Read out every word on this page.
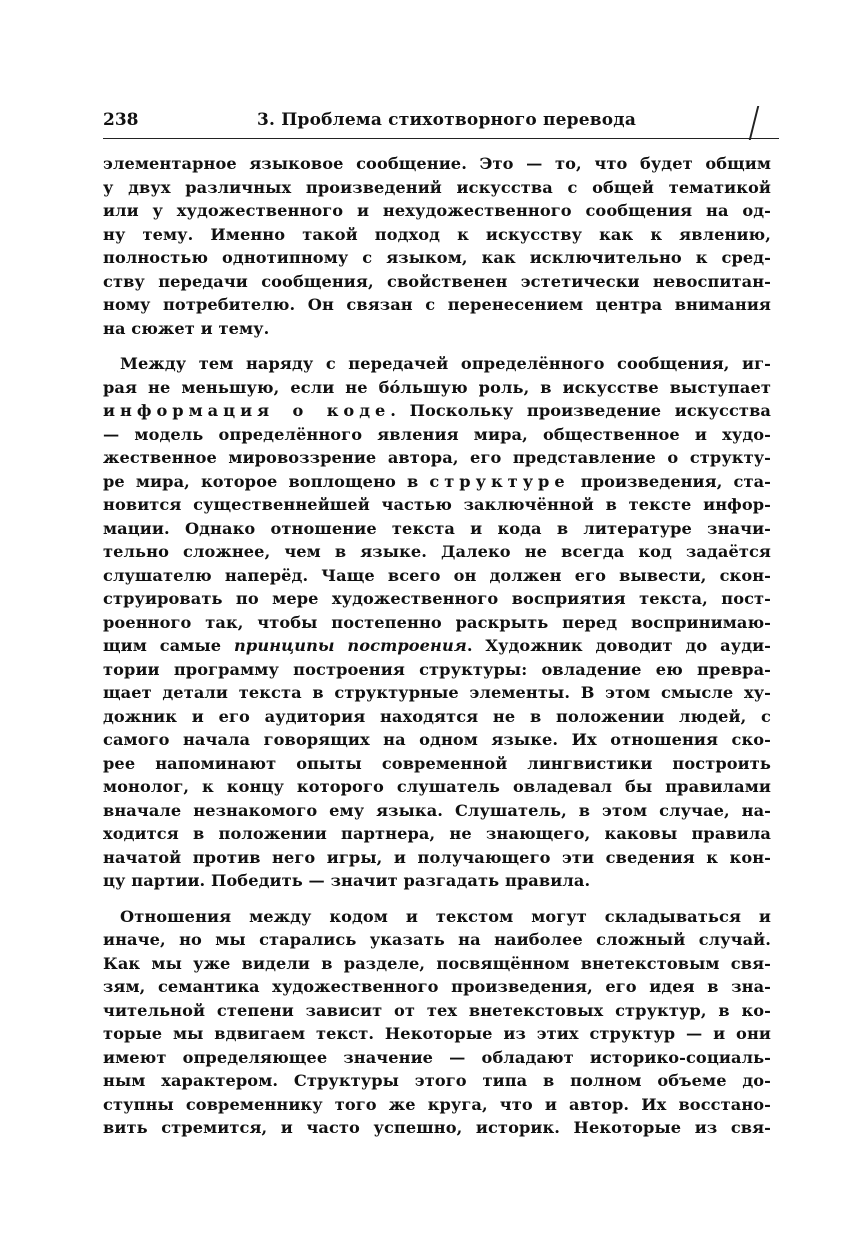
238	3. Проблема стихотворного перевода
элементарное языковое сообщение. Это — то, что будет общим
у двух различных произведений искусства с общей тематикой
или у художественного и нехудожественного сообщения на од-
ну тему. Именно такой подход к искусству как к явлению,
полностью однотипному с языком, как исключительно к сред-
ству передачи сообщения, свойственен эстетически невоспитан-
ному потребителю. Он связан с перенесением центра внимания
на сюжет и тему.
Между тем наряду с передачей определённого сообщения, иг-
рая не меньшую, если не бо́льшую роль, в искусстве выступает
информация о коде. Поскольку произведение искусства
— модель определённого явления мира, общественное и худо-
жественное мировоззрение автора, его представление о структу-
ре мира, которое воплощено в структуре произведения, ста-
новится существеннейшей частью заключённой в тексте инфор-
мации. Однако отношение текста и кода в литературе значи-
тельно сложнее, чем в языке. Далеко не всегда код задаётся
слушателю наперёд. Чаще всего он должен его вывести, скон-
струировать по мере художественного восприятия текста, пост-
роенного так, чтобы постепенно раскрыть перед воспринимаю-
щим самые принципы построения. Художник доводит до ауди-
тории программу построения структуры: овладение ею превра-
щает детали текста в структурные элементы. В этом смысле ху-
дожник и его аудитория находятся не в положении людей, с
самого начала говорящих на одном языке. Их отношения ско-
рее напоминают опыты современной лингвистики построить
монолог, к концу которого слушатель овладевал бы правилами
вначале незнакомого ему языка. Слушатель, в этом случае, на-
ходится в положении партнера, не знающего, каковы правила
начатой против него игры, и получающего эти сведения к кон-
цу партии. Победить — значит разгадать правила.
Отношения между кодом и текстом могут складываться и
иначе, но мы старались указать на наиболее сложный случай.
Как мы уже видели в разделе, посвящённом внетекстовым свя-
зям, семантика художественного произведения, его идея в зна-
чительной степени зависит от тех внетекстовых структур, в ко-
торые мы вдвигаем текст. Некоторые из этих структур — и они
имеют определяющее значение — обладают историко-социаль-
ным характером. Структуры этого типа в полном объеме до-
ступны современнику того же круга, что и автор. Их восстано-
вить стремится, и часто успешно, историк. Некоторые из свя-
